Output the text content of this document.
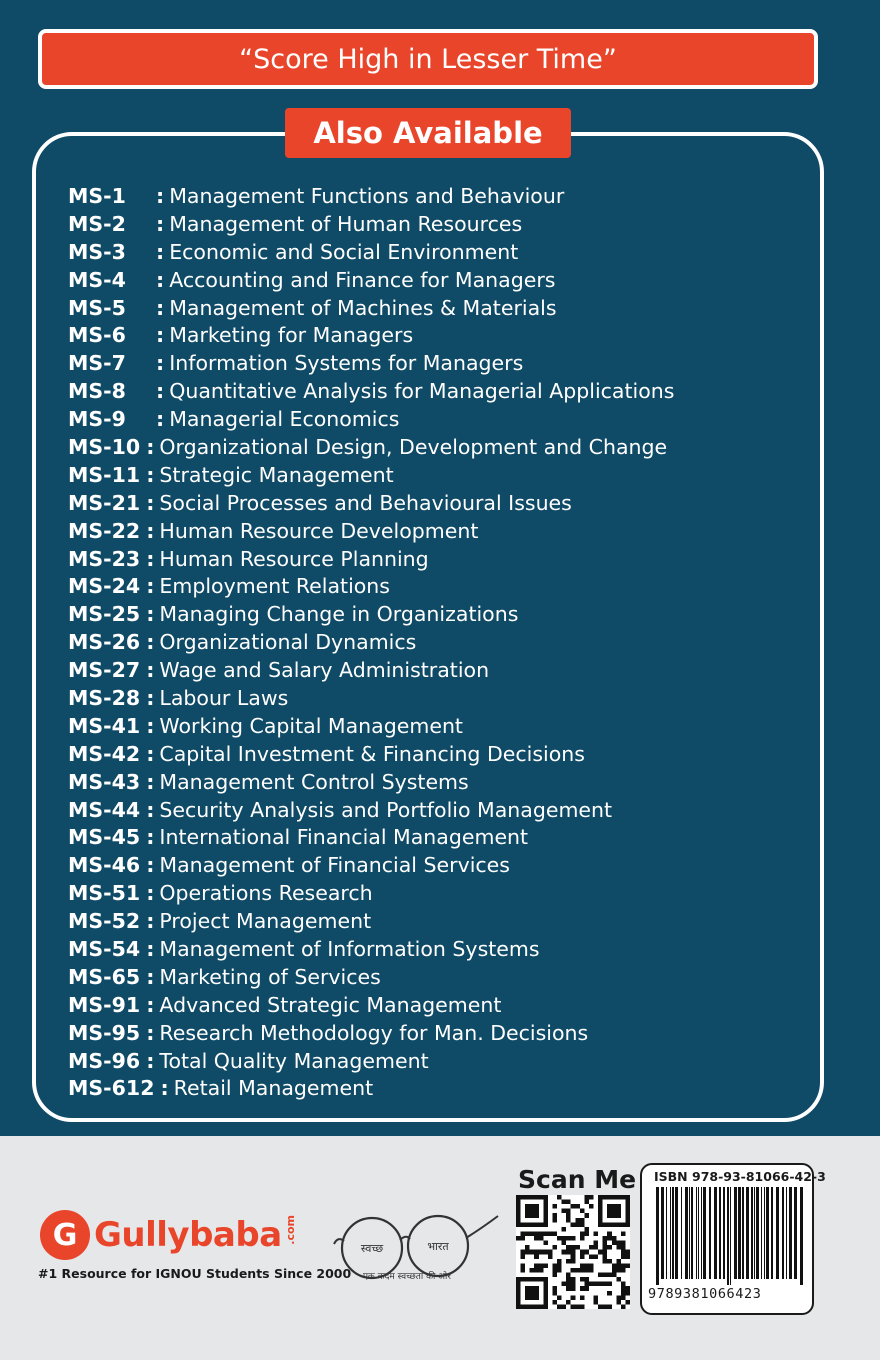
“Score High in Lesser Time”
Also Available
MS-1	: Management Functions and Behaviour
MS-2	: Management of Human Resources
MS-3	: Economic and Social Environment
MS-4	: Accounting and Finance for Managers
MS-5	: Management of Machines & Materials
MS-6	: Marketing for Managers
MS-7	: Information Systems for Managers
MS-8	: Quantitative Analysis for Managerial Applications
MS-9	: Managerial Economics
MS-10 : Organizational Design, Development and Change
MS-11 : Strategic Management
MS-21 : Social Processes and Behavioural Issues
MS-22 : Human Resource Development
MS-23 : Human Resource Planning
MS-24 : Employment Relations
MS-25 : Managing Change in Organizations
MS-26 : Organizational Dynamics
MS-27 : Wage and Salary Administration
MS-28 : Labour Laws
MS-41 : Working Capital Management
MS-42 : Capital Investment & Financing Decisions
MS-43 : Management Control Systems
MS-44 : Security Analysis and Portfolio Management
MS-45 : International Financial Management
MS-46 : Management of Financial Services
MS-51 : Operations Research
MS-52 : Project Management
MS-54 : Management of Information Systems
MS-65 : Marketing of Services
MS-91 : Advanced Strategic Management
MS-95 : Research Methodology for Man. Decisions
MS-96 : Total Quality Management
MS-612 : Retail Management
G Gullybaba .com
#1 Resource for IGNOU Students Since 2000
स्वच्छ	भारत
एक कदम स्वच्छता की ओर
Scan Me ISBN 978-93-81066-42-3
9789381066423
